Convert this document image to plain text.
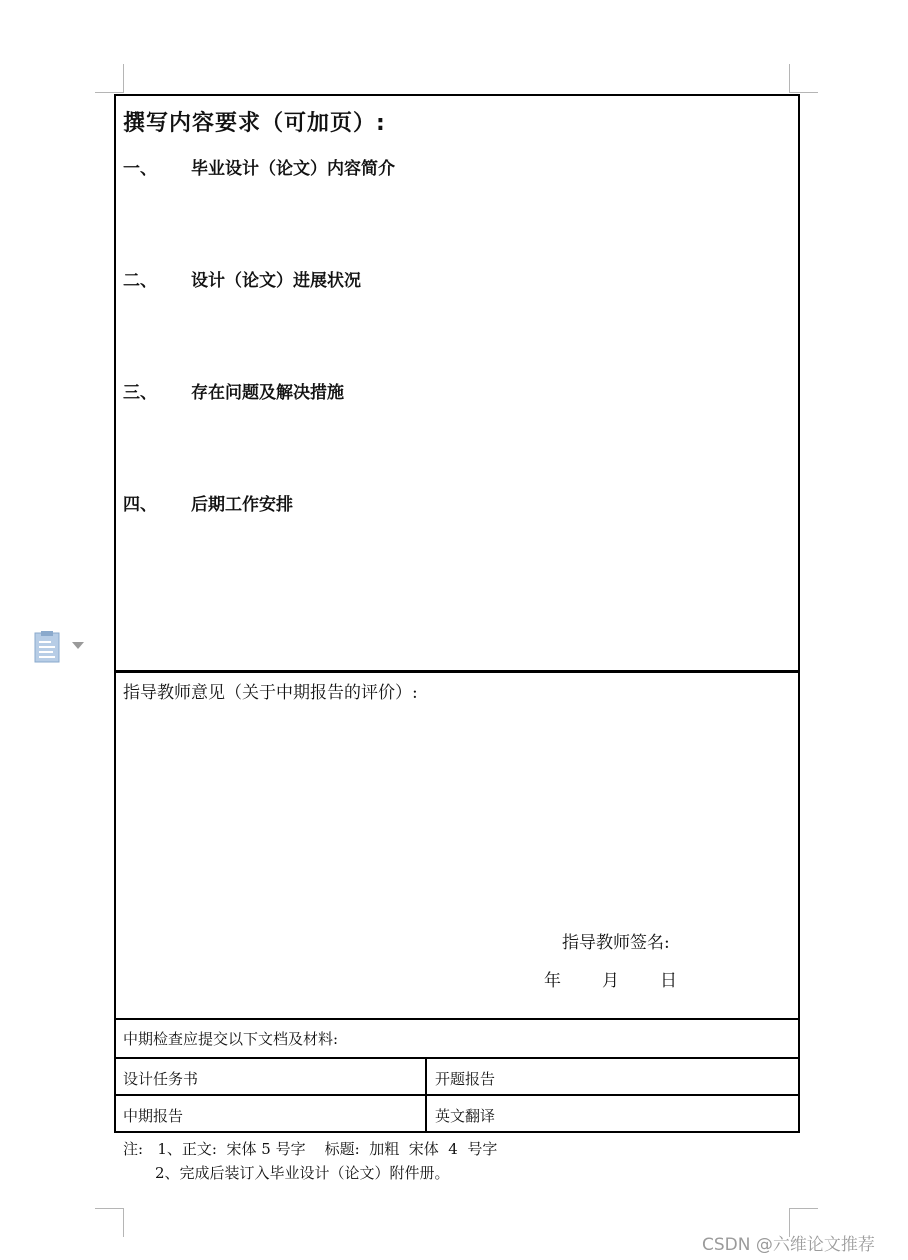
撰写内容要求（可加页）:
一、 毕业设计（论文）内容简介
二、 设计（论文）进展状况
三、 存在问题及解决措施
四、 后期工作安排
指导教师意见（关于中期报告的评价）:
指导教师签名:
年 月 日
中期检查应提交以下文档及材料:
设计任务书	开题报告
中期报告	英文翻译
注:   1、正文:  宋体 5 号字    标题:  加粗  宋体  4  号字
2、完成后装订入毕业设计（论文）附件册。
CSDN @六维论文推荐
